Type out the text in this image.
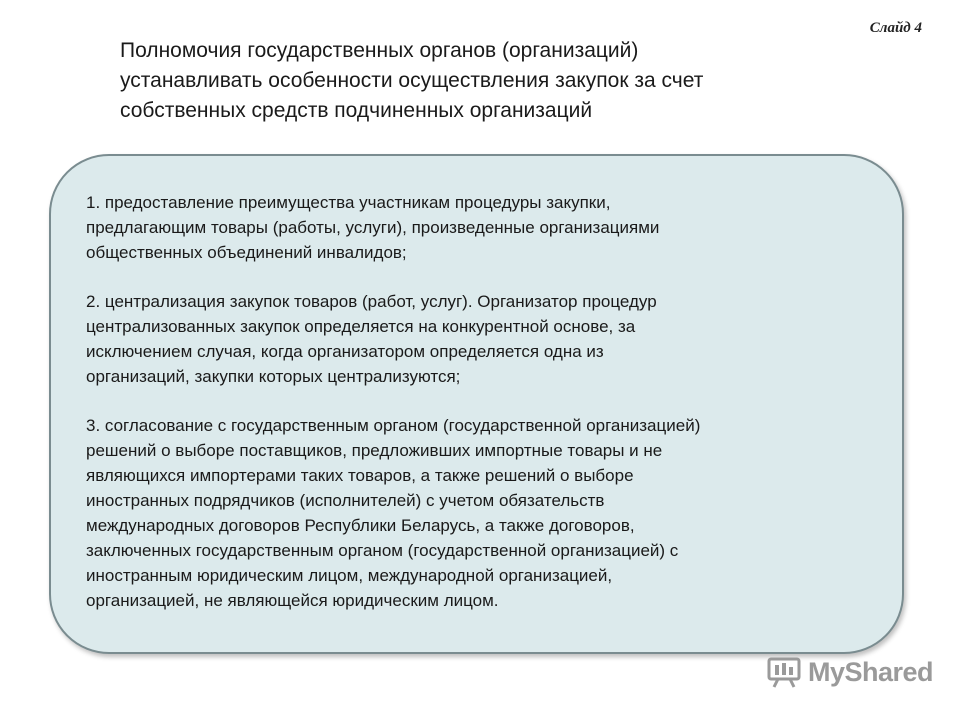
Слайд 4
Полномочия государственных органов (организаций)
устанавливать особенности осуществления закупок за счет
собственных средств подчиненных организаций
1. предоставление преимущества участникам процедуры закупки,
предлагающим товары (работы, услуги), произведенные организациями
общественных объединений инвалидов;
2. централизация закупок товаров (работ, услуг). Организатор процедур
централизованных закупок определяется на конкурентной основе, за
исключением случая, когда организатором определяется одна из
организаций, закупки которых централизуются;
3. согласование с государственным органом (государственной организацией)
решений о выборе поставщиков, предложивших импортные товары и не
являющихся импортерами таких товаров, а также решений о выборе
иностранных подрядчиков (исполнителей) с учетом обязательств
международных договоров Республики Беларусь, а также договоров,
заключенных государственным органом (государственной организацией) с
иностранным юридическим лицом, международной организацией,
организацией, не являющейся юридическим лицом.
MyShared
